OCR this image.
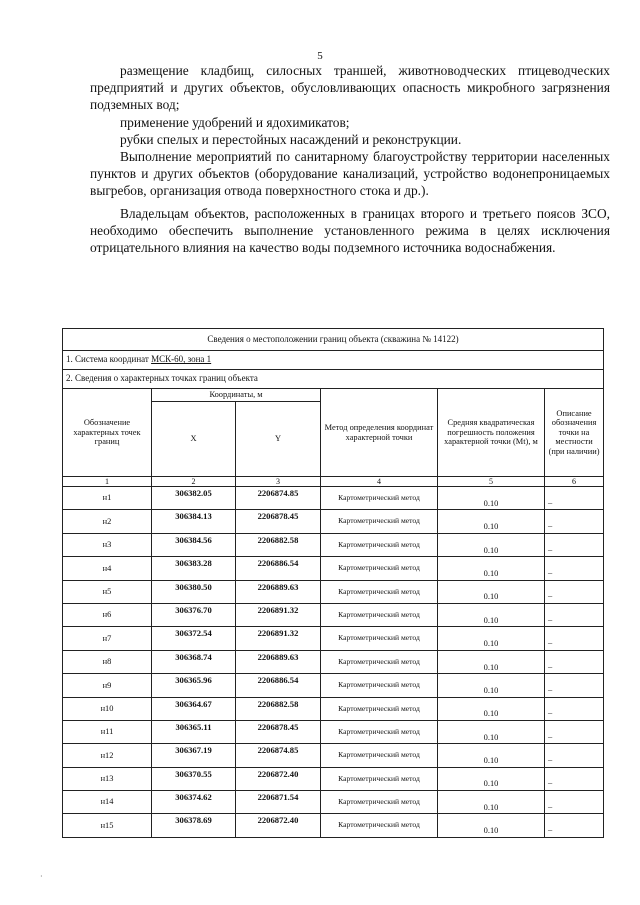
5

размещение кладбищ, силосных траншей, животноводческих птицеводческих предприятий и других объектов, обусловливающих опасность микробного загрязнения подземных вод;

применение удобрений и ядохимикатов;

рубки спелых и перестойных насаждений и реконструкции.

Выполнение мероприятий по санитарному благоустройству территории населенных пунктов и других объектов (оборудование канализаций, устройство водонепроницаемых выгребов, организация отвода поверхностного стока и др.).

Владельцам объектов, расположенных в границах второго и третьего поясов ЗСО, необходимо обеспечить выполнение установленного режима в целях исключения отрицательного влияния на качество воды подземного источника водоснабжения.

Сведения о местоположении границ объекта (скважина № 14122)					
1. Система координат МСК-60, зона 1					
2. Сведения о характерных точках границ объекта					
Обозначение характерных точек границ	Координаты, м		Метод определения координат характерной точки	Средняя квадратическая погрешность положения характерной точки (Mt), м	Описание обозначения точки на местности (при наличии)
	X	Y			
1	2	3	4	5	6
н1	306382.05	2206874.85	Картометрический метод	0.10	–
н2	306384.13	2206878.45	Картометрический метод	0.10	–
н3	306384.56	2206882.58	Картометрический метод	0.10	–
н4	306383.28	2206886.54	Картометрический метод	0.10	–
н5	306380.50	2206889.63	Картометрический метод	0.10	–
н6	306376.70	2206891.32	Картометрический метод	0.10	–
н7	306372.54	2206891.32	Картометрический метод	0.10	–
н8	306368.74	2206889.63	Картометрический метод	0.10	–
н9	306365.96	2206886.54	Картометрический метод	0.10	–
н10	306364.67	2206882.58	Картометрический метод	0.10	–
н11	306365.11	2206878.45	Картометрический метод	0.10	–
н12	306367.19	2206874.85	Картометрический метод	0.10	–
н13	306370.55	2206872.40	Картометрический метод	0.10	–
н14	306374.62	2206871.54	Картометрический метод	0.10	–
н15	306378.69	2206872.40	Картометрический метод	0.10	–
·
